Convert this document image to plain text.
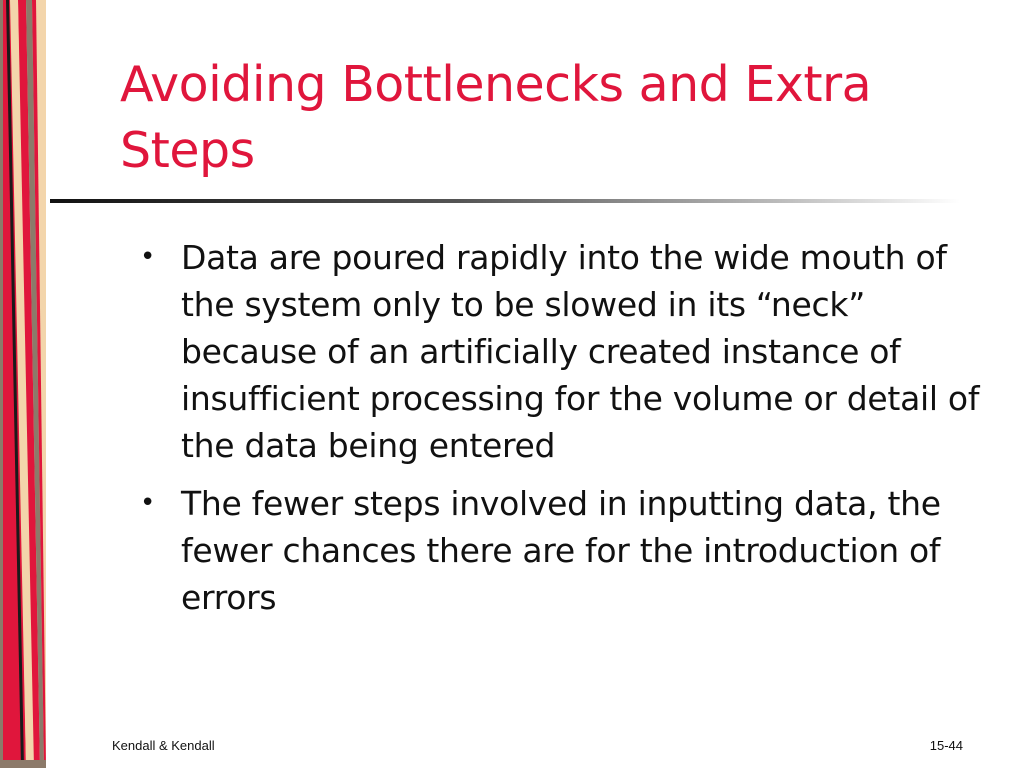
Avoiding Bottlenecks and Extra Steps
• Data are poured rapidly into the wide mouth of the system only to be slowed in its “neck” because of an artificially created instance of insufficient processing for the volume or detail of the data being entered
• The fewer steps involved in inputting data, the fewer chances there are for the introduction of errors
Kendall & Kendall	15-44
